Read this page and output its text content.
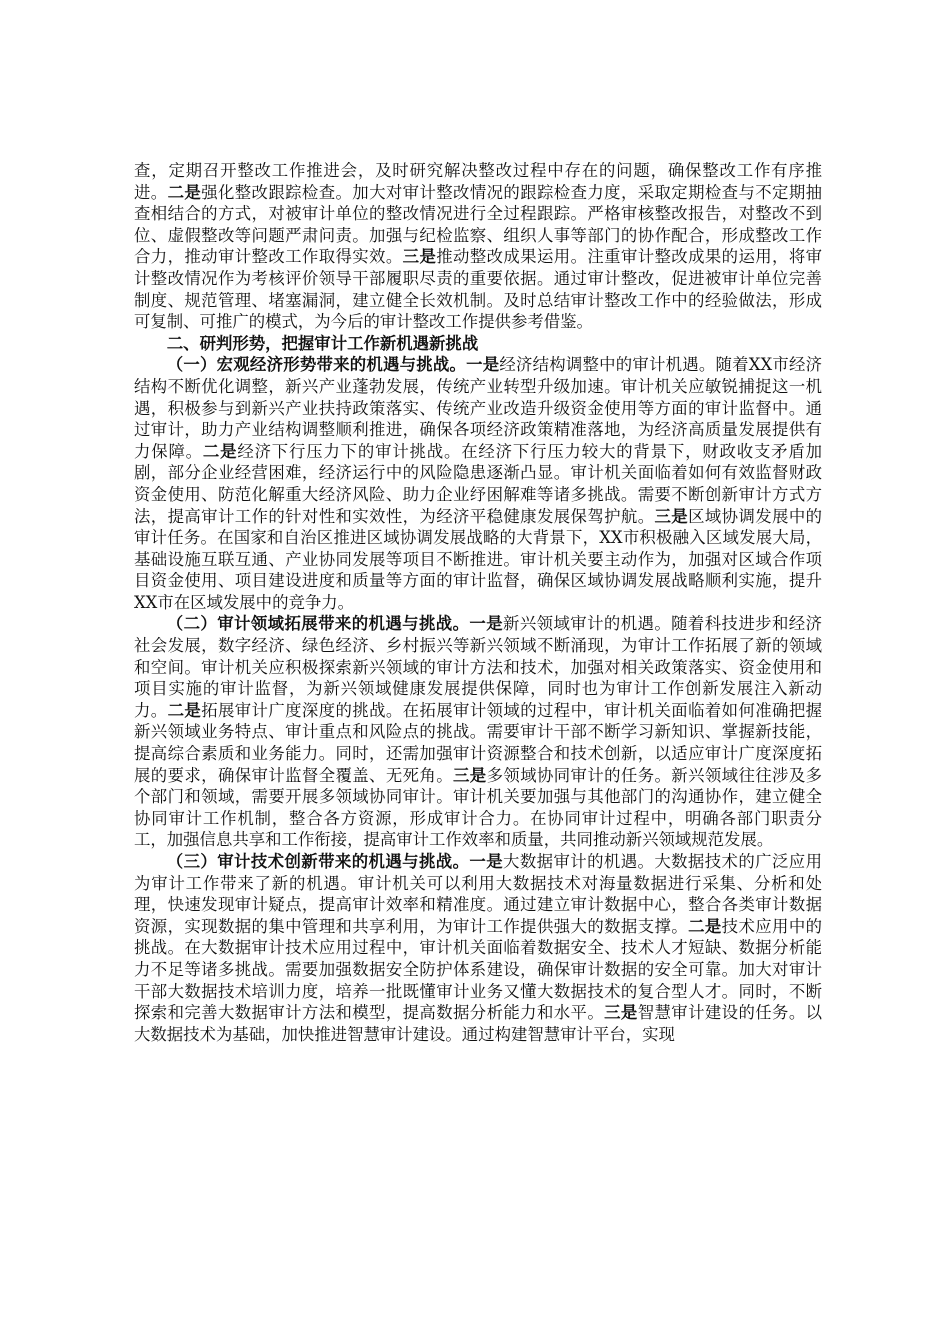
查，定期召开整改工作推进会，及时研究解决整改过程中存在的问题，确保整改工作有序推进。二是强化整改跟踪检查。加大对审计整改情况的跟踪检查力度，采取定期检查与不定期抽查相结合的方式，对被审计单位的整改情况进行全过程跟踪。严格审核整改报告，对整改不到位、虚假整改等问题严肃问责。加强与纪检监察、组织人事等部门的协作配合，形成整改工作合力，推动审计整改工作取得实效。三是推动整改成果运用。注重审计整改成果的运用，将审计整改情况作为考核评价领导干部履职尽责的重要依据。通过审计整改，促进被审计单位完善制度、规范管理、堵塞漏洞，建立健全长效机制。及时总结审计整改工作中的经验做法，形成可复制、可推广的模式，为今后的审计整改工作提供参考借鉴。

二、研判形势，把握审计工作新机遇新挑战

（一）宏观经济形势带来的机遇与挑战。一是经济结构调整中的审计机遇。随着XX市经济结构不断优化调整，新兴产业蓬勃发展，传统产业转型升级加速。审计机关应敏锐捕捉这一机遇，积极参与到新兴产业扶持政策落实、传统产业改造升级资金使用等方面的审计监督中。通过审计，助力产业结构调整顺利推进，确保各项经济政策精准落地，为经济高质量发展提供有力保障。二是经济下行压力下的审计挑战。在经济下行压力较大的背景下，财政收支矛盾加剧，部分企业经营困难，经济运行中的风险隐患逐渐凸显。审计机关面临着如何有效监督财政资金使用、防范化解重大经济风险、助力企业纾困解难等诸多挑战。需要不断创新审计方式方法，提高审计工作的针对性和实效性，为经济平稳健康发展保驾护航。三是区域协调发展中的审计任务。在国家和自治区推进区域协调发展战略的大背景下，XX市积极融入区域发展大局，基础设施互联互通、产业协同发展等项目不断推进。审计机关要主动作为，加强对区域合作项目资金使用、项目建设进度和质量等方面的审计监督，确保区域协调发展战略顺利实施，提升XX市在区域发展中的竞争力。

（二）审计领域拓展带来的机遇与挑战。一是新兴领域审计的机遇。随着科技进步和经济社会发展，数字经济、绿色经济、乡村振兴等新兴领域不断涌现，为审计工作拓展了新的领域和空间。审计机关应积极探索新兴领域的审计方法和技术，加强对相关政策落实、资金使用和项目实施的审计监督，为新兴领域健康发展提供保障，同时也为审计工作创新发展注入新动力。二是拓展审计广度深度的挑战。在拓展审计领域的过程中，审计机关面临着如何准确把握新兴领域业务特点、审计重点和风险点的挑战。需要审计干部不断学习新知识、掌握新技能，提高综合素质和业务能力。同时，还需加强审计资源整合和技术创新，以适应审计广度深度拓展的要求，确保审计监督全覆盖、无死角。三是多领域协同审计的任务。新兴领域往往涉及多个部门和领域，需要开展多领域协同审计。审计机关要加强与其他部门的沟通协作，建立健全协同审计工作机制，整合各方资源，形成审计合力。在协同审计过程中，明确各部门职责分工，加强信息共享和工作衔接，提高审计工作效率和质量，共同推动新兴领域规范发展。

（三）审计技术创新带来的机遇与挑战。一是大数据审计的机遇。大数据技术的广泛应用为审计工作带来了新的机遇。审计机关可以利用大数据技术对海量数据进行采集、分析和处理，快速发现审计疑点，提高审计效率和精准度。通过建立审计数据中心，整合各类审计数据资源，实现数据的集中管理和共享利用，为审计工作提供强大的数据支撑。二是技术应用中的挑战。在大数据审计技术应用过程中，审计机关面临着数据安全、技术人才短缺、数据分析能力不足等诸多挑战。需要加强数据安全防护体系建设，确保审计数据的安全可靠。加大对审计干部大数据技术培训力度，培养一批既懂审计业务又懂大数据技术的复合型人才。同时，不断探索和完善大数据审计方法和模型，提高数据分析能力和水平。三是智慧审计建设的任务。以大数据技术为基础，加快推进智慧审计建设。通过构建智慧审计平台，实现
